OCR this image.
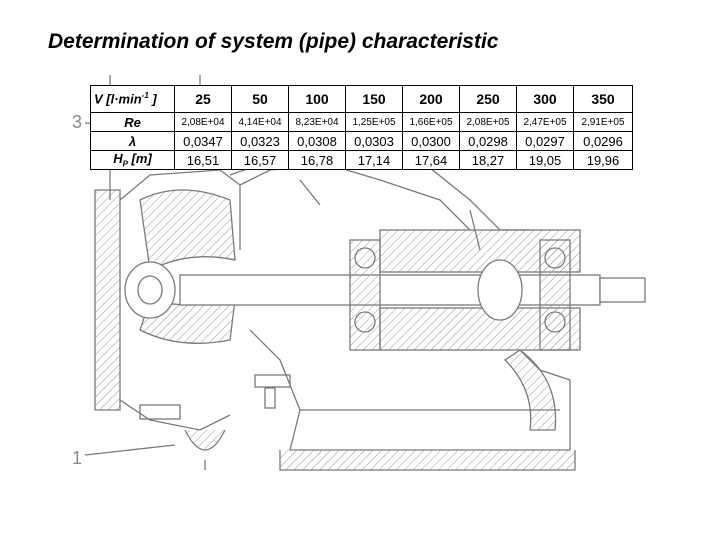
Determination of system (pipe) characteristic
3
1
V [$l\cdot\min^{-1}$ ]	25	50	100	150	200	250	300	350
Re	2,08E+04	4,14E+04	8,23E+04	1,25E+05	1,66E+05	2,08E+05	2,47E+05	2,91E+05
λ	0,0347	0,0323	0,0308	0,0303	0,0300	0,0298	0,0297	0,0296
$H_P$ [m]	16,51	16,57	16,78	17,14	17,64	18,27	19,05	19,96
